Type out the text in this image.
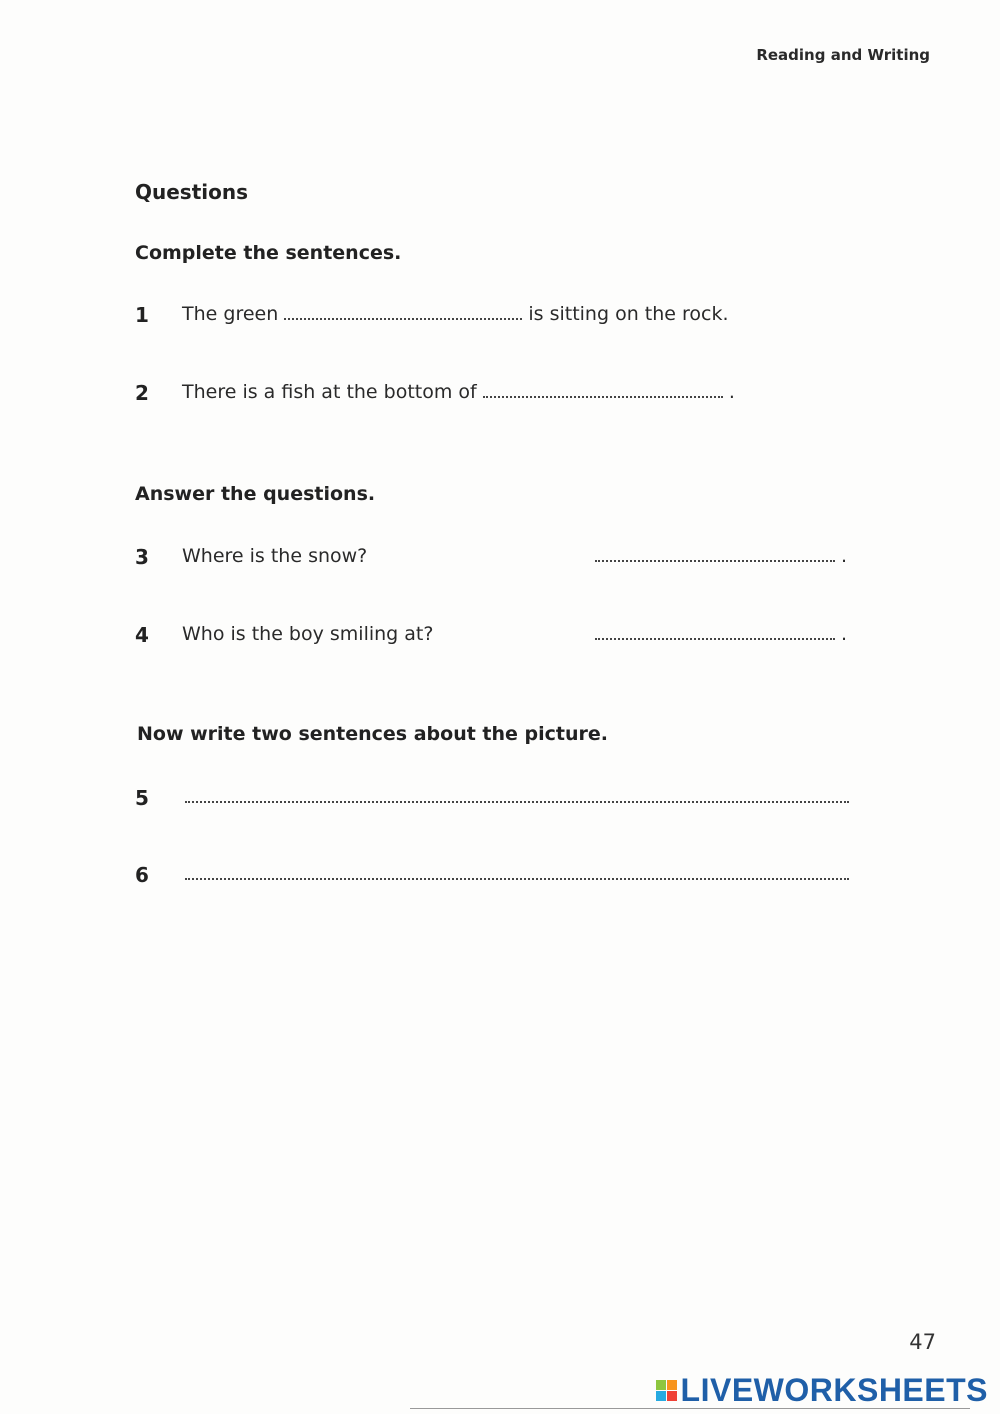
Reading and Writing
Questions
Complete the sentences.
1 The green	is sitting on the rock.
2 There is a fish at the bottom of	.
Answer the questions.
3 Where is the snow?	.
4 Who is the boy smiling at?	.
Now write two sentences about the picture.
5
6
47
LIVEWORKSHEETS
